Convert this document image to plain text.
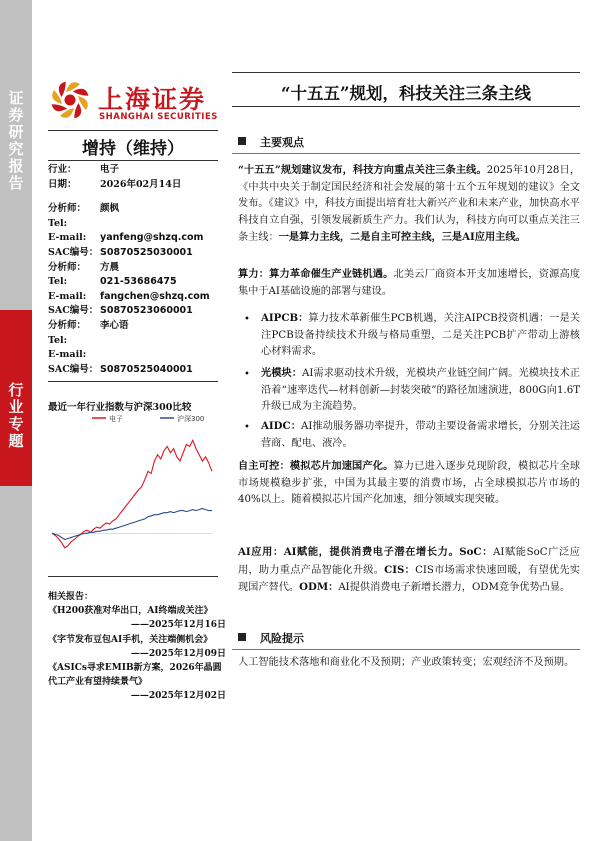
证
券
研
究
报
告
行
业
专
题
上海证券
SHANGHAI SECURITIES
增持（维持）
行业：	电子
日期：	2026年02月14日
分析师：	颜枫
Tel:
E-mail:	yanfeng@shzq.com
SAC编号： S0870525030001
分析师：	方晨
Tel:	021-53686475
E-mail:	fangchen@shzq.com
SAC编号： S0870523060001
分析师：	李心语
Tel:
E-mail:
SAC编号： S0870525040001
最近一年行业指数与沪深300比较
电子	沪深300
相关报告：
《H200获准对华出口，AI终端成关注》
——2025年12月16日
《字节发布豆包AI手机，关注端侧机会》
——2025年12月09日
《ASICs寻求EMIB新方案，2026年晶圆代工产业有望持续景气》
——2025年12月02日
“十五五”规划，科技关注三条主线
主要观点
“十五五”规划建议发布，科技方向重点关注三条主线。2025年10月28日，《中共中央关于制定国民经济和社会发展的第十五个五年规划的建议》全文发布。《建议》中，科技方面提出培育壮大新兴产业和未来产业，加快高水平科技自立自强，引领发展新质生产力。我们认为，科技方向可以重点关注三条主线：一是算力主线，二是自主可控主线，三是AI应用主线。
算力：算力革命催生产业链机遇。北美云厂商资本开支加速增长，资源高度集中于AI基础设施的部署与建设。
• AIPCB：算力技术革新催生PCB机遇，关注AIPCB投资机遇：一是关注PCB设备持续技术升级与格局重塑，二是关注PCB扩产带动上游核心材料需求。
• 光模块：AI需求驱动技术升级，光模块产业链空间广阔。光模块技术正沿着“速率迭代—材料创新—封装突破”的路径加速演进，800G向1.6T升级已成为主流趋势。
• AIDC：AI推动服务器功率提升，带动主要设备需求增长，分别关注运营商、配电、液冷。
自主可控：模拟芯片加速国产化。算力已进入逐步兑现阶段，模拟芯片全球市场规模稳步扩张，中国为其最主要的消费市场，占全球模拟芯片市场的40%以上。随着模拟芯片国产化加速，细分领域实现突破。
AI应用：AI赋能，提供消费电子潜在增长力。SoC：AI赋能SoC广泛应用，助力重点产品智能化升级。CIS：CIS市场需求快速回暖，有望优先实现国产替代。ODM：AI提供消费电子新增长潜力，ODM竞争优势凸显。
风险提示
人工智能技术落地和商业化不及预期；产业政策转变；宏观经济不及预期。
